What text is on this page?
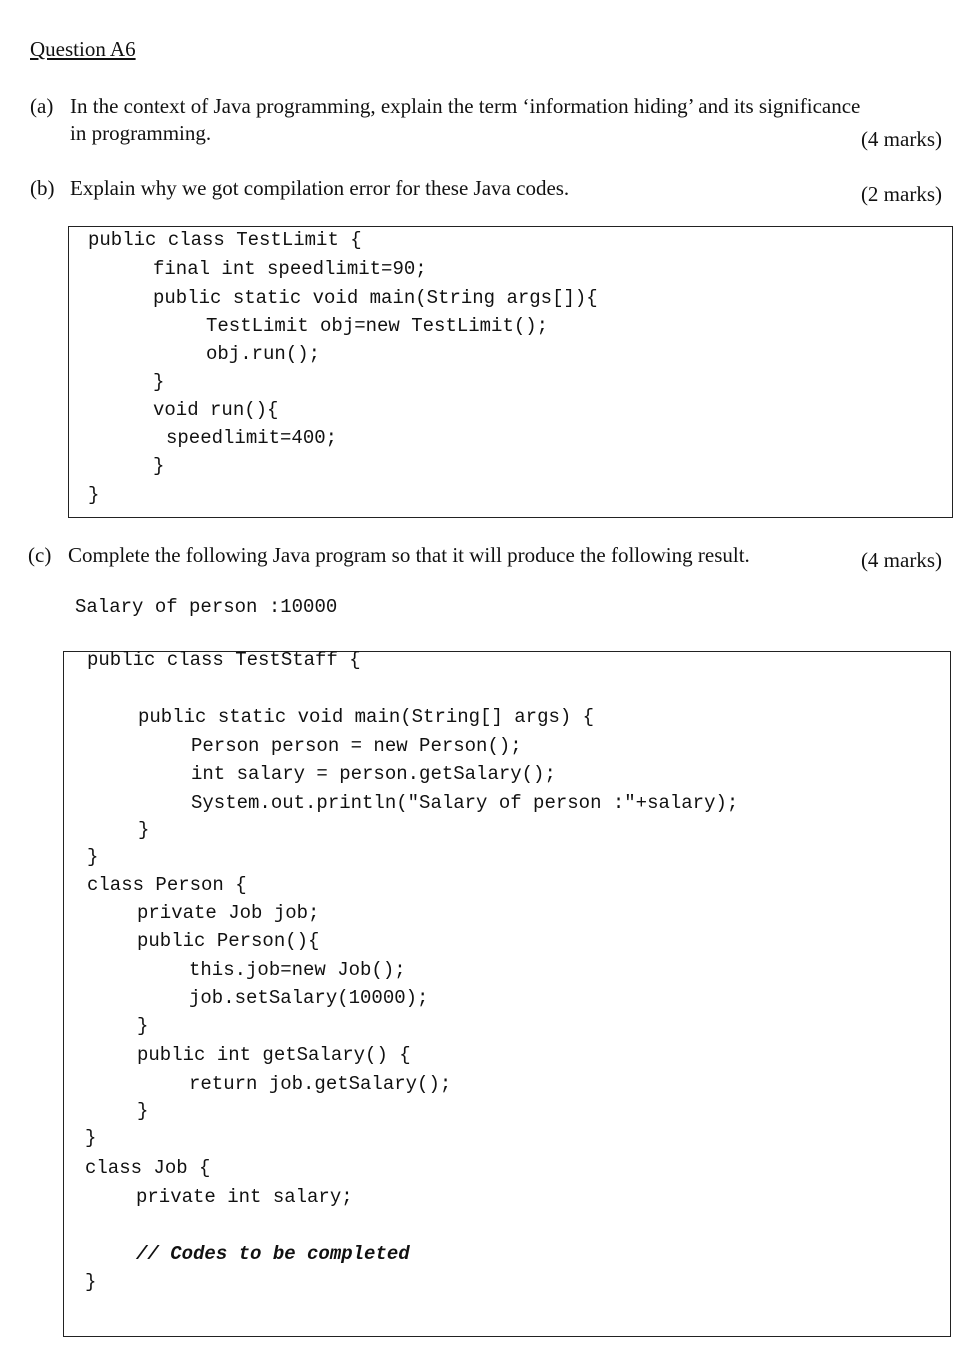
Question A6
(a) In the context of Java programming, explain the term ‘information hiding’ and its significance
in programming.	(4 marks)
(b) Explain why we got compilation error for these Java codes.	(2 marks)
public class TestLimit {
final int speedlimit=90;
public static void main(String args[]){
TestLimit obj=new TestLimit();
obj.run();
}
void run(){
speedlimit=400;
}
}
(c) Complete the following Java program so that it will produce the following result.	(4 marks)
Salary of person :10000
public class TestStaff {
public static void main(String[] args) {
Person person = new Person();
int salary = person.getSalary();
System.out.println("Salary of person :"+salary);
}
}
class Person {
private Job job;
public Person(){
this.job=new Job();
job.setSalary(10000);
}
public int getSalary() {
return job.getSalary();
}
}
class Job {
private int salary;
// Codes to be completed
}
